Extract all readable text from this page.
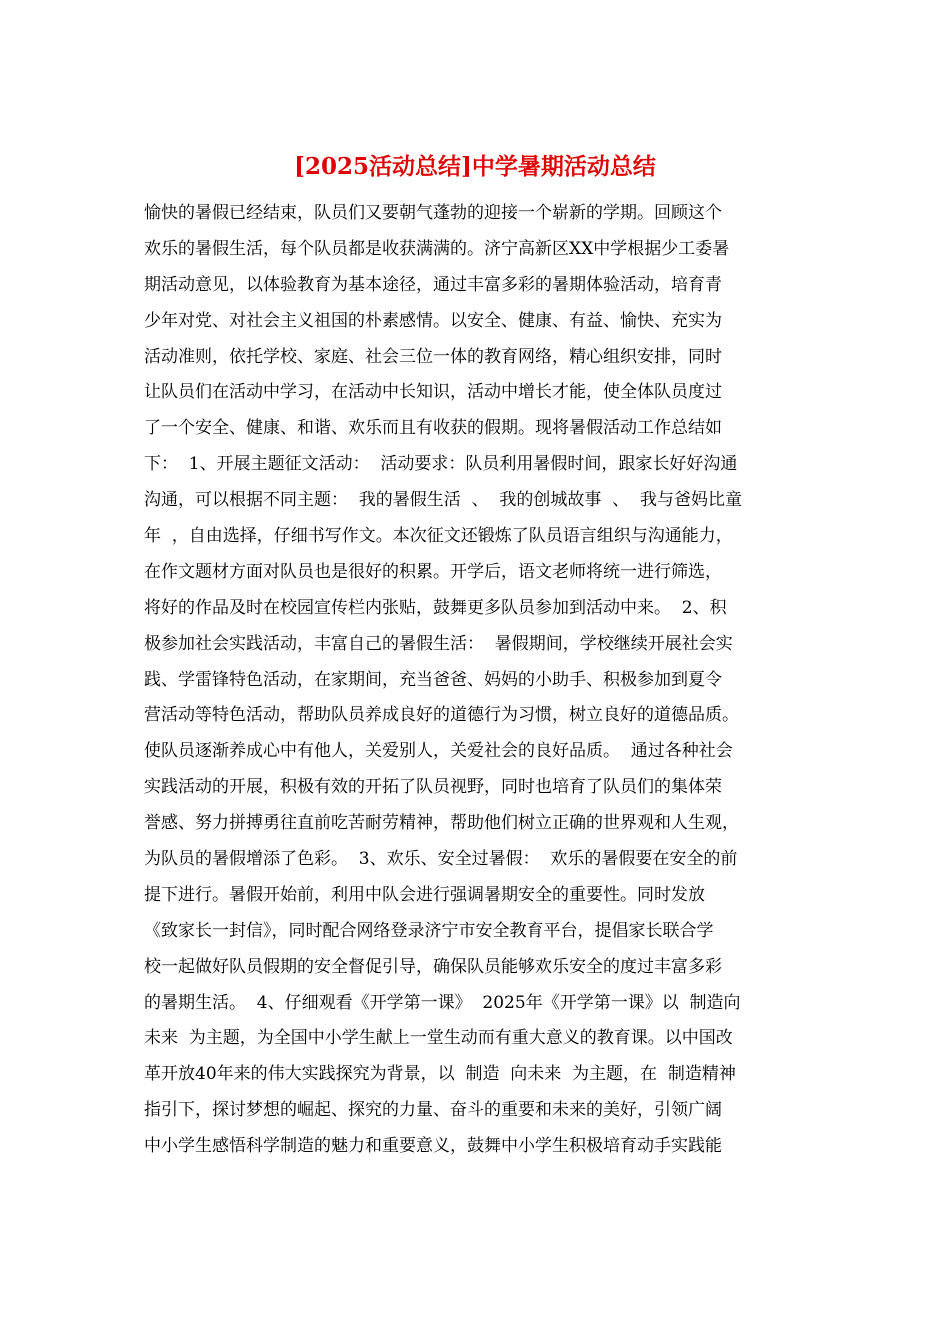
[2025活动总结]中学暑期活动总结
愉快的暑假已经结束，队员们又要朝气蓬勃的迎接一个崭新的学期。回顾这个
欢乐的暑假生活，每个队员都是收获满满的。济宁高新区XX中学根据少工委暑
期活动意见，以体验教育为基本途径，通过丰富多彩的暑期体验活动，培育青
少年对党、对社会主义祖国的朴素感情。以安全、健康、有益、愉快、充实为
活动准则，依托学校、家庭、社会三位一体的教育网络，精心组织安排，同时
让队员们在活动中学习，在活动中长知识，活动中增长才能，使全体队员度过
了一个安全、健康、和谐、欢乐而且有收获的假期。现将暑假活动工作总结如
下：  1、开展主题征文活动：  活动要求：队员利用暑假时间，跟家长好好沟通
沟通，可以根据不同主题：  我的暑假生活  、  我的创城故事  、  我与爸妈比童
年  ，自由选择，仔细书写作文。本次征文还锻炼了队员语言组织与沟通能力，
在作文题材方面对队员也是很好的积累。开学后，语文老师将统一进行筛选，
将好的作品及时在校园宣传栏内张贴，鼓舞更多队员参加到活动中来。  2、积
极参加社会实践活动，丰富自己的暑假生活：  暑假期间，学校继续开展社会实
践、学雷锋特色活动，在家期间，充当爸爸、妈妈的小助手、积极参加到夏令
营活动等特色活动，帮助队员养成良好的道德行为习惯，树立良好的道德品质。
使队员逐渐养成心中有他人，关爱别人，关爱社会的良好品质。  通过各种社会
实践活动的开展，积极有效的开拓了队员视野，同时也培育了队员们的集体荣
誉感、努力拼搏勇往直前吃苦耐劳精神，帮助他们树立正确的世界观和人生观，
为队员的暑假增添了色彩。  3、欢乐、安全过暑假：  欢乐的暑假要在安全的前
提下进行。暑假开始前，利用中队会进行强调暑期安全的重要性。同时发放
《致家长一封信》，同时配合网络登录济宁市安全教育平台，提倡家长联合学
校一起做好队员假期的安全督促引导，确保队员能够欢乐安全的度过丰富多彩
的暑期生活。  4、仔细观看《开学第一课》  2025年《开学第一课》以  制造向
未来  为主题，为全国中小学生献上一堂生动而有重大意义的教育课。以中国改
革开放40年来的伟大实践探究为背景，以  制造  向未来  为主题，在  制造精神
指引下，探讨梦想的崛起、探究的力量、奋斗的重要和未来的美好，引领广阔
中小学生感悟科学制造的魅力和重要意义，鼓舞中小学生积极培育动手实践能
